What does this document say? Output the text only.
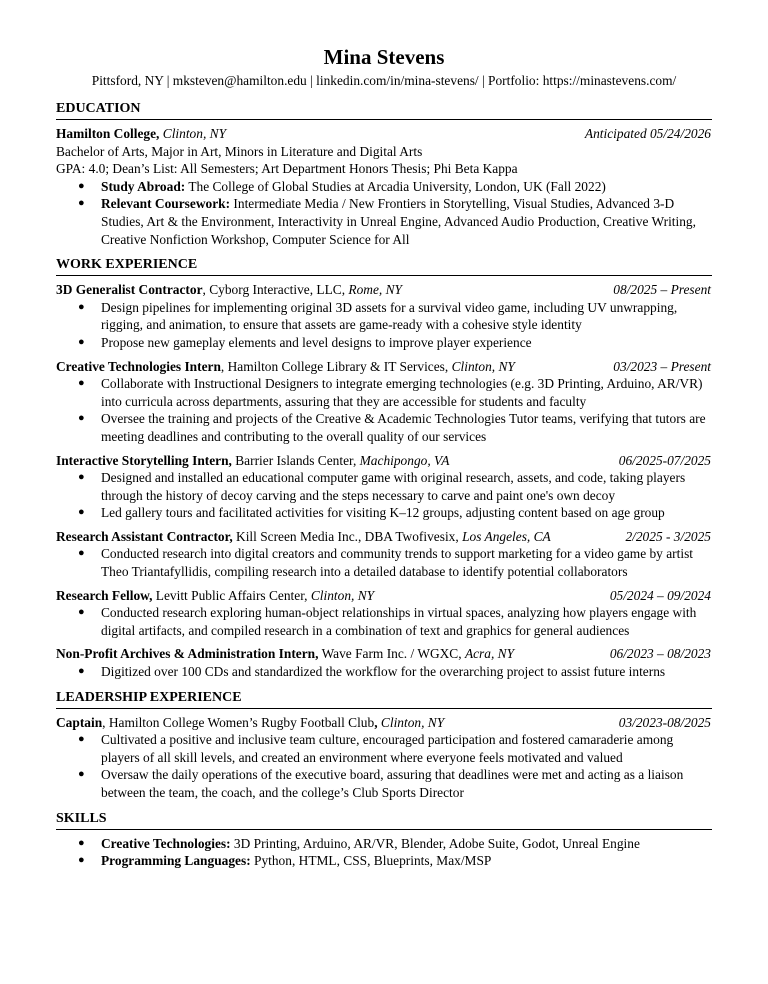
Mina Stevens
Pittsford, NY | mksteven@hamilton.edu | linkedin.com/in/mina-stevens/ | Portfolio: https://minastevens.com/
EDUCATION
Hamilton College, Clinton, NY	Anticipated 05/24/2026
Bachelor of Arts, Major in Art, Minors in Literature and Digital Arts
GPA: 4.0; Dean’s List: All Semesters; Art Department Honors Thesis; Phi Beta Kappa
● Study Abroad: The College of Global Studies at Arcadia University, London, UK (Fall 2022)
● Relevant Coursework: Intermediate Media / New Frontiers in Storytelling, Visual Studies, Advanced 3-D Studies, Art & the Environment, Interactivity in Unreal Engine, Advanced Audio Production, Creative Writing, Creative Nonfiction Workshop, Computer Science for All
WORK EXPERIENCE
3D Generalist Contractor, Cyborg Interactive, LLC, Rome, NY	08/2025 – Present
● Design pipelines for implementing original 3D assets for a survival video game, including UV unwrapping, rigging, and animation, to ensure that assets are game-ready with a cohesive style identity
● Propose new gameplay elements and level designs to improve player experience
Creative Technologies Intern, Hamilton College Library & IT Services, Clinton, NY	03/2023 – Present
● Collaborate with Instructional Designers to integrate emerging technologies (e.g. 3D Printing, Arduino, AR/VR) into curricula across departments, assuring that they are accessible for students and faculty
● Oversee the training and projects of the Creative & Academic Technologies Tutor teams, verifying that tutors are meeting deadlines and contributing to the overall quality of our services
Interactive Storytelling Intern, Barrier Islands Center, Machipongo, VA	06/2025-07/2025
● Designed and installed an educational computer game with original research, assets, and code, taking players through the history of decoy carving and the steps necessary to carve and paint one's own decoy
● Led gallery tours and facilitated activities for visiting K–12 groups, adjusting content based on age group
Research Assistant Contractor, Kill Screen Media Inc., DBA Twofivesix, Los Angeles, CA	2/2025 - 3/2025
● Conducted research into digital creators and community trends to support marketing for a video game by artist Theo Triantafyllidis, compiling research into a detailed database to identify potential collaborators
Research Fellow, Levitt Public Affairs Center, Clinton, NY	05/2024 – 09/2024
● Conducted research exploring human-object relationships in virtual spaces, analyzing how players engage with digital artifacts, and compiled research in a combination of text and graphics for general audiences
Non-Profit Archives & Administration Intern, Wave Farm Inc. / WGXC, Acra, NY	06/2023 – 08/2023
● Digitized over 100 CDs and standardized the workflow for the overarching project to assist future interns
LEADERSHIP EXPERIENCE
Captain, Hamilton College Women’s Rugby Football Club, Clinton, NY	03/2023-08/2025
● Cultivated a positive and inclusive team culture, encouraged participation and fostered camaraderie among players of all skill levels, and created an environment where everyone feels motivated and valued
● Oversaw the daily operations of the executive board, assuring that deadlines were met and acting as a liaison between the team, the coach, and the college’s Club Sports Director
SKILLS
● Creative Technologies: 3D Printing, Arduino, AR/VR, Blender, Adobe Suite, Godot, Unreal Engine
● Programming Languages: Python, HTML, CSS, Blueprints, Max/MSP
